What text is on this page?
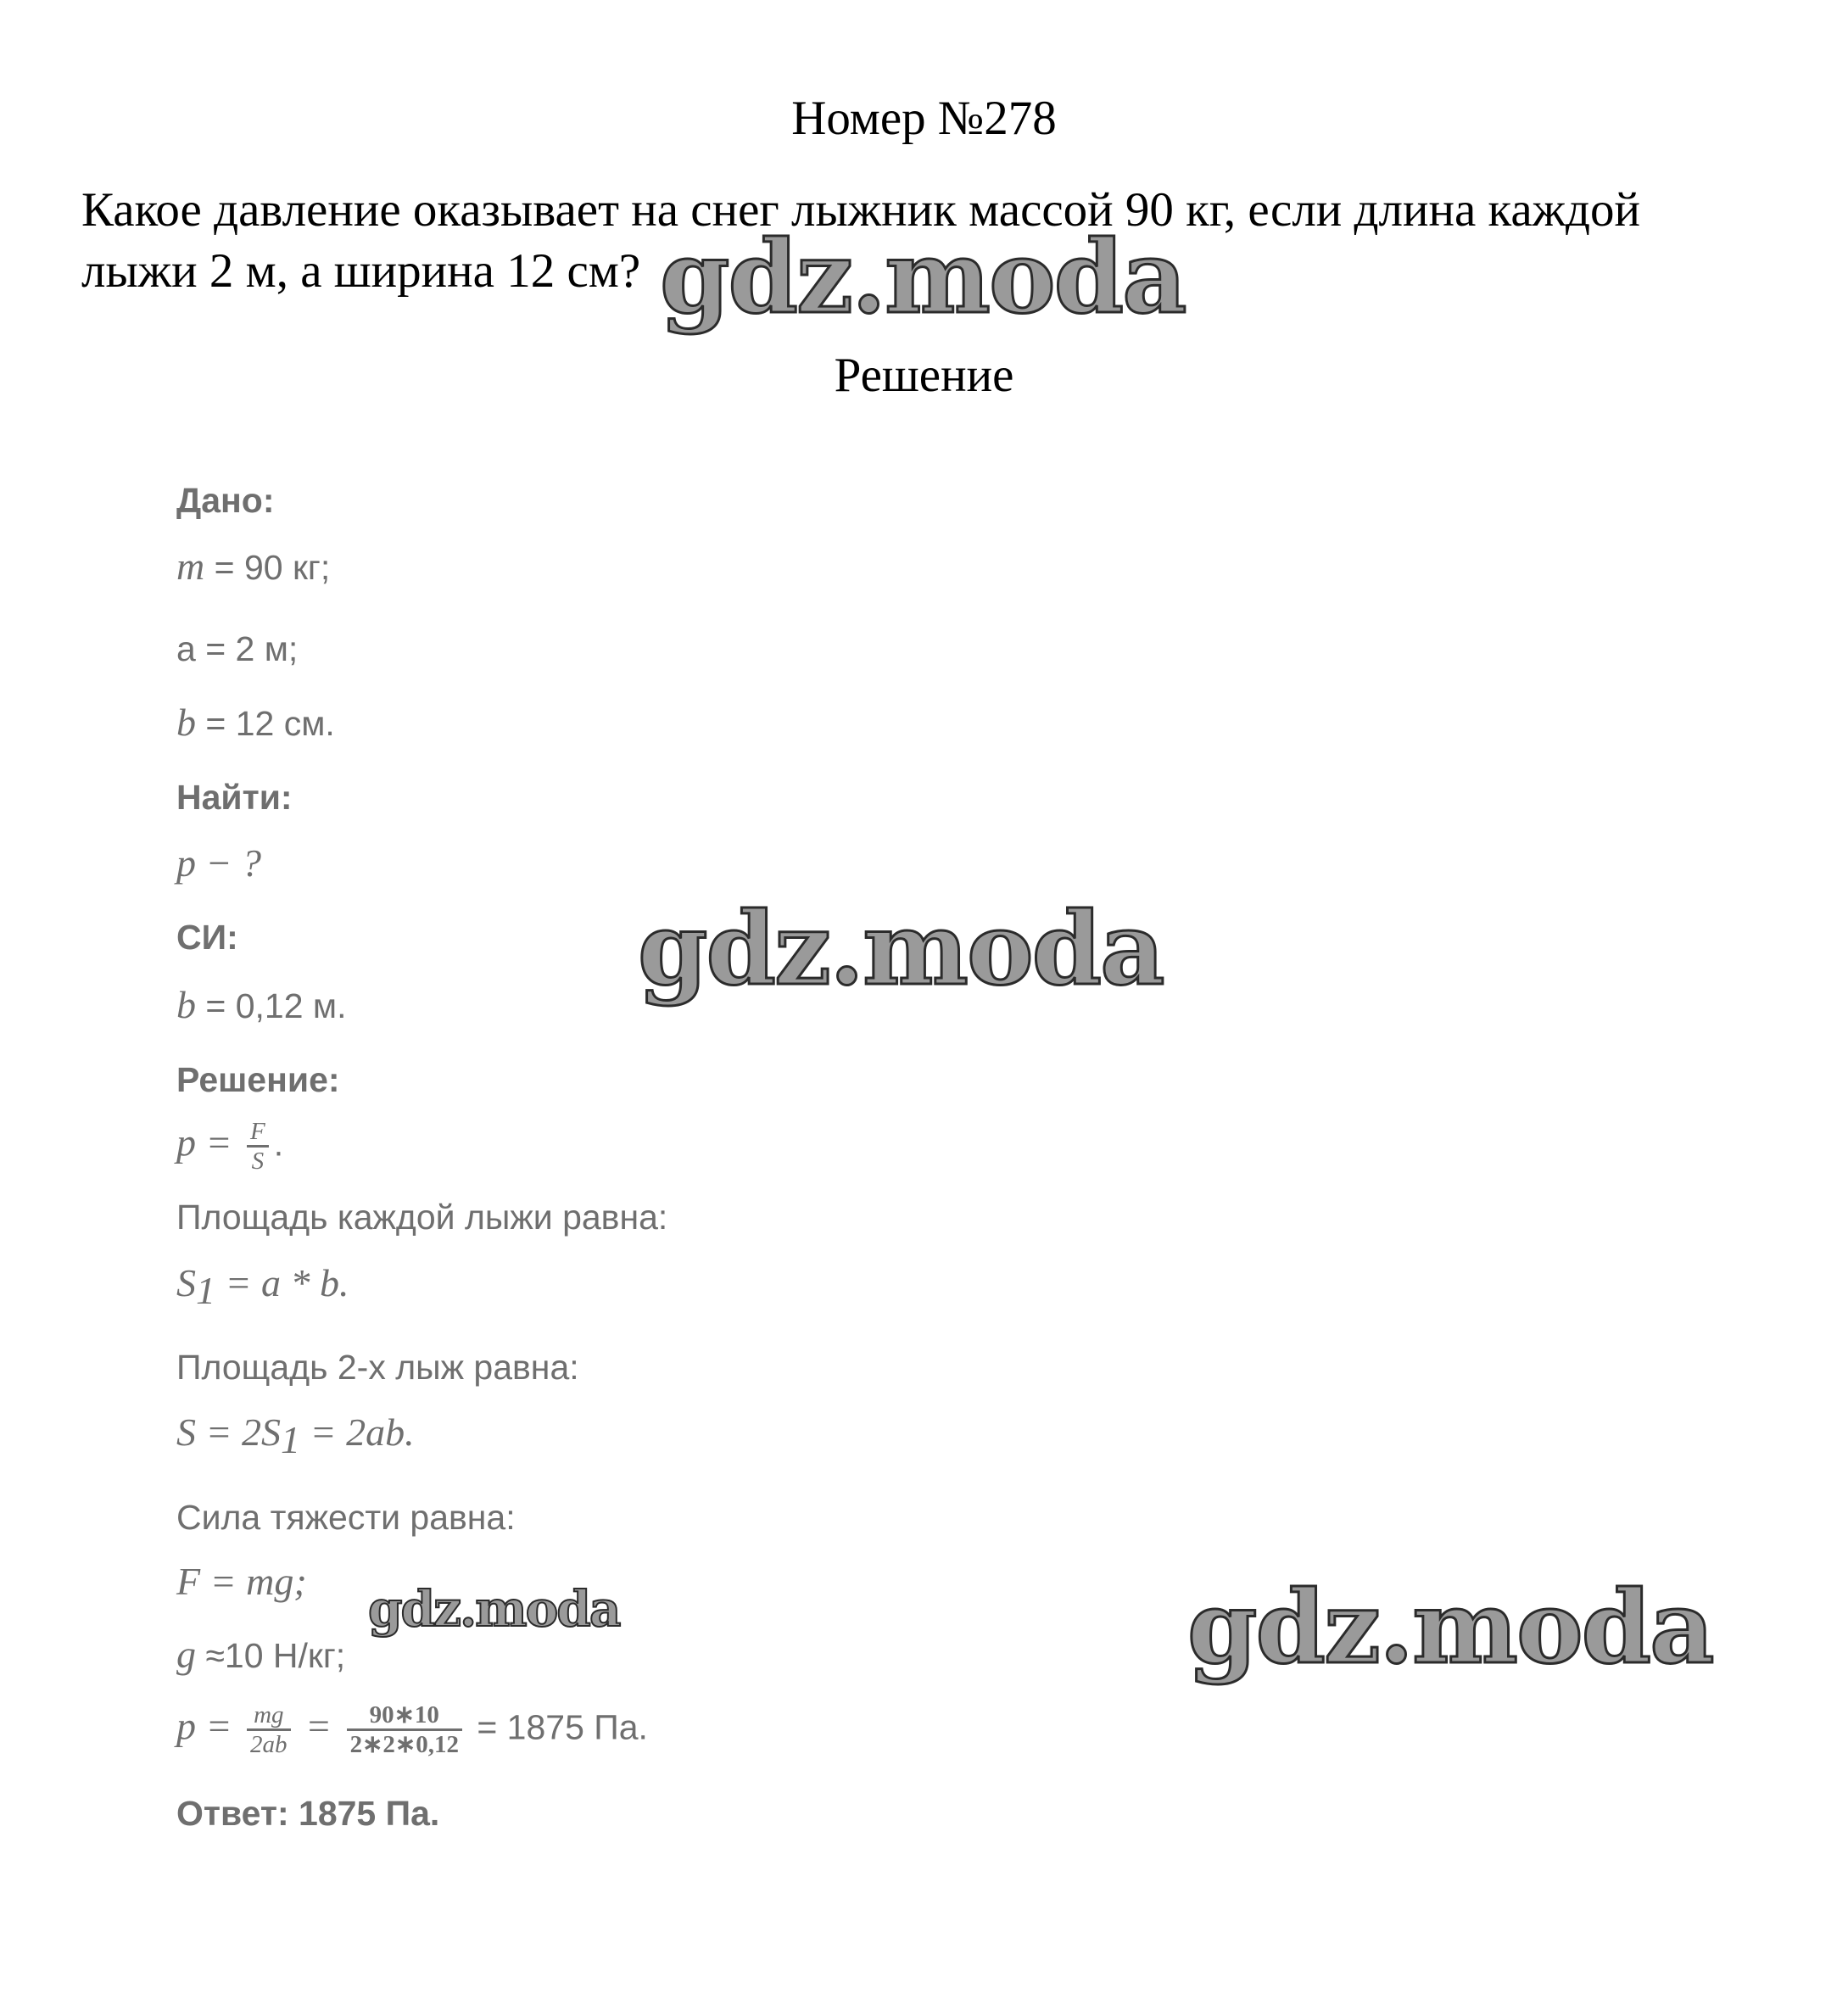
Номер №278
Какое давление оказывает на снег лыжник массой 90 кг, если длина каждой
лыжи 2 м, а ширина 12 см?
Решение
Дано:
m = 90 кг;
a = 2 м;
b = 12 см.
Найти:
p − ?
СИ:
b = 0,12 м.
Решение:
$p = \frac{F}{S}$ .
Площадь каждой лыжи равна:
$S_1 = a * b$.
Площадь 2-х лыж равна:
$S = 2S_1 = 2ab$.
Сила тяжести равна:
F = mg;
g ≈10 Н/кг;
$p = \frac{mg}{2ab} = \frac{90∗10}{2∗2∗0,12} = 1875$ Па.
Ответ: 1875 Па.
gdz.moda
gdz.moda
gdz.moda	gdz.moda
